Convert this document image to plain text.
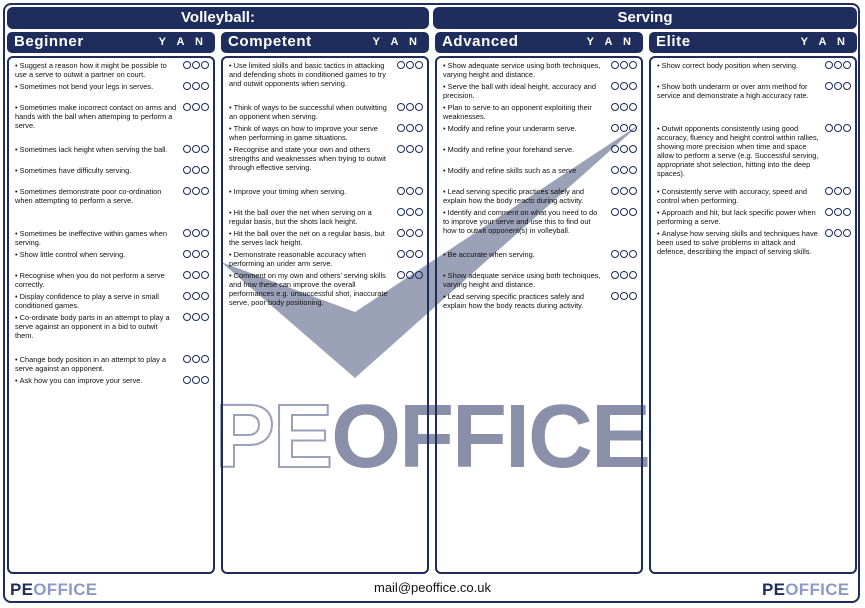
PEOFFICE
Volleyball:	Serving
Beginner	Y A N Competent	Y A N Advanced	Y A N Elite	Y A N
• Suggest a reason how it might be possible to use a serve to outwit a partner on court.
• Sometimes not bend your legs in serves.
• Sometimes make incorrect contact on arms and hands with the ball when attemping to perform a serve.
• Sometimes lack height when serving the ball.
• Sometimes have difficulty serving.
• Sometimes demonstrate poor co-ordination when attempting to perform a serve.
• Sometimes be ineffective within games when serving.
• Show little control when serving.
• Recognise when you do not perform a serve correctly.
• Display confidence to play a serve in small conditioned games.
• Co-ordinate body parts in an attempt to play a serve against an opponent in a bid to outwit them.
• Change body position in an attempt to play a serve against an opponent.
• Ask how you can improve your serve.
• Use limited skills and basic tactics in attacking and defending shots in conditioned games to try and outwit opponents when serving.
• Think of ways to be successful when outwitting an opponent when serving.
• Think of ways on how to improve your serve when performing in game situations.
• Recognise and state your own and others strengths and weaknesses when trying to outwit through effective serving.
• Improve your timing when serving.
• Hit the ball over the net when serving on a regular basis, but the shots lack height.
• Hit the ball over the net on a regular basis, but the serves lack height.
• Demonstrate reasonable accuracy when performing an under arm serve.
• Comment on my own and others' serving skills and how these can improve the overall performances e.g. unsuccessful shot, inaccurate serve, poor body positioning.
• Show adequate service using both techniques, varying height and distance.
• Serve the ball with ideal height, accuracy and precision.
• Plan to serve to an opponent exploiting their weaknesses.
• Modify and refine your underarm serve.
• Modify and refine your forehand serve.
• Modify and refine skills such as a serve
• Lead serving specific practices safely and explain how the body reacts during activity.
• Identify and comment on what you need to do to improve your serve and use this to find out how to outwit opponent(s) in volleyball.
• Be accurate when serving.
• Show adequate service using both techniques, varying height and distance.
• Lead serving specific practices safely and explain how the body reacts during activity.
• Show correct body position when serving.
• Show both underarm or over arm method for service and demonstrate a high accuracy rate.
• Outwit opponents consistently using good accuracy, fluency and height control within rallies, showing more precision when time and space allow to perform a serve (e.g. Successful serving, appropriate shot selection, hitting into the deep spaces).
• Consistently serve with accuracy, speed and control when performing.
• Approach and hit, but lack specific power when performing a serve.
• Analyse how serving skills and techniques have been used to solve problems in attack and defence, describing the impact of serving skills.
PEOFFICE	mail@peoffice.co.uk	PEOFFICE
